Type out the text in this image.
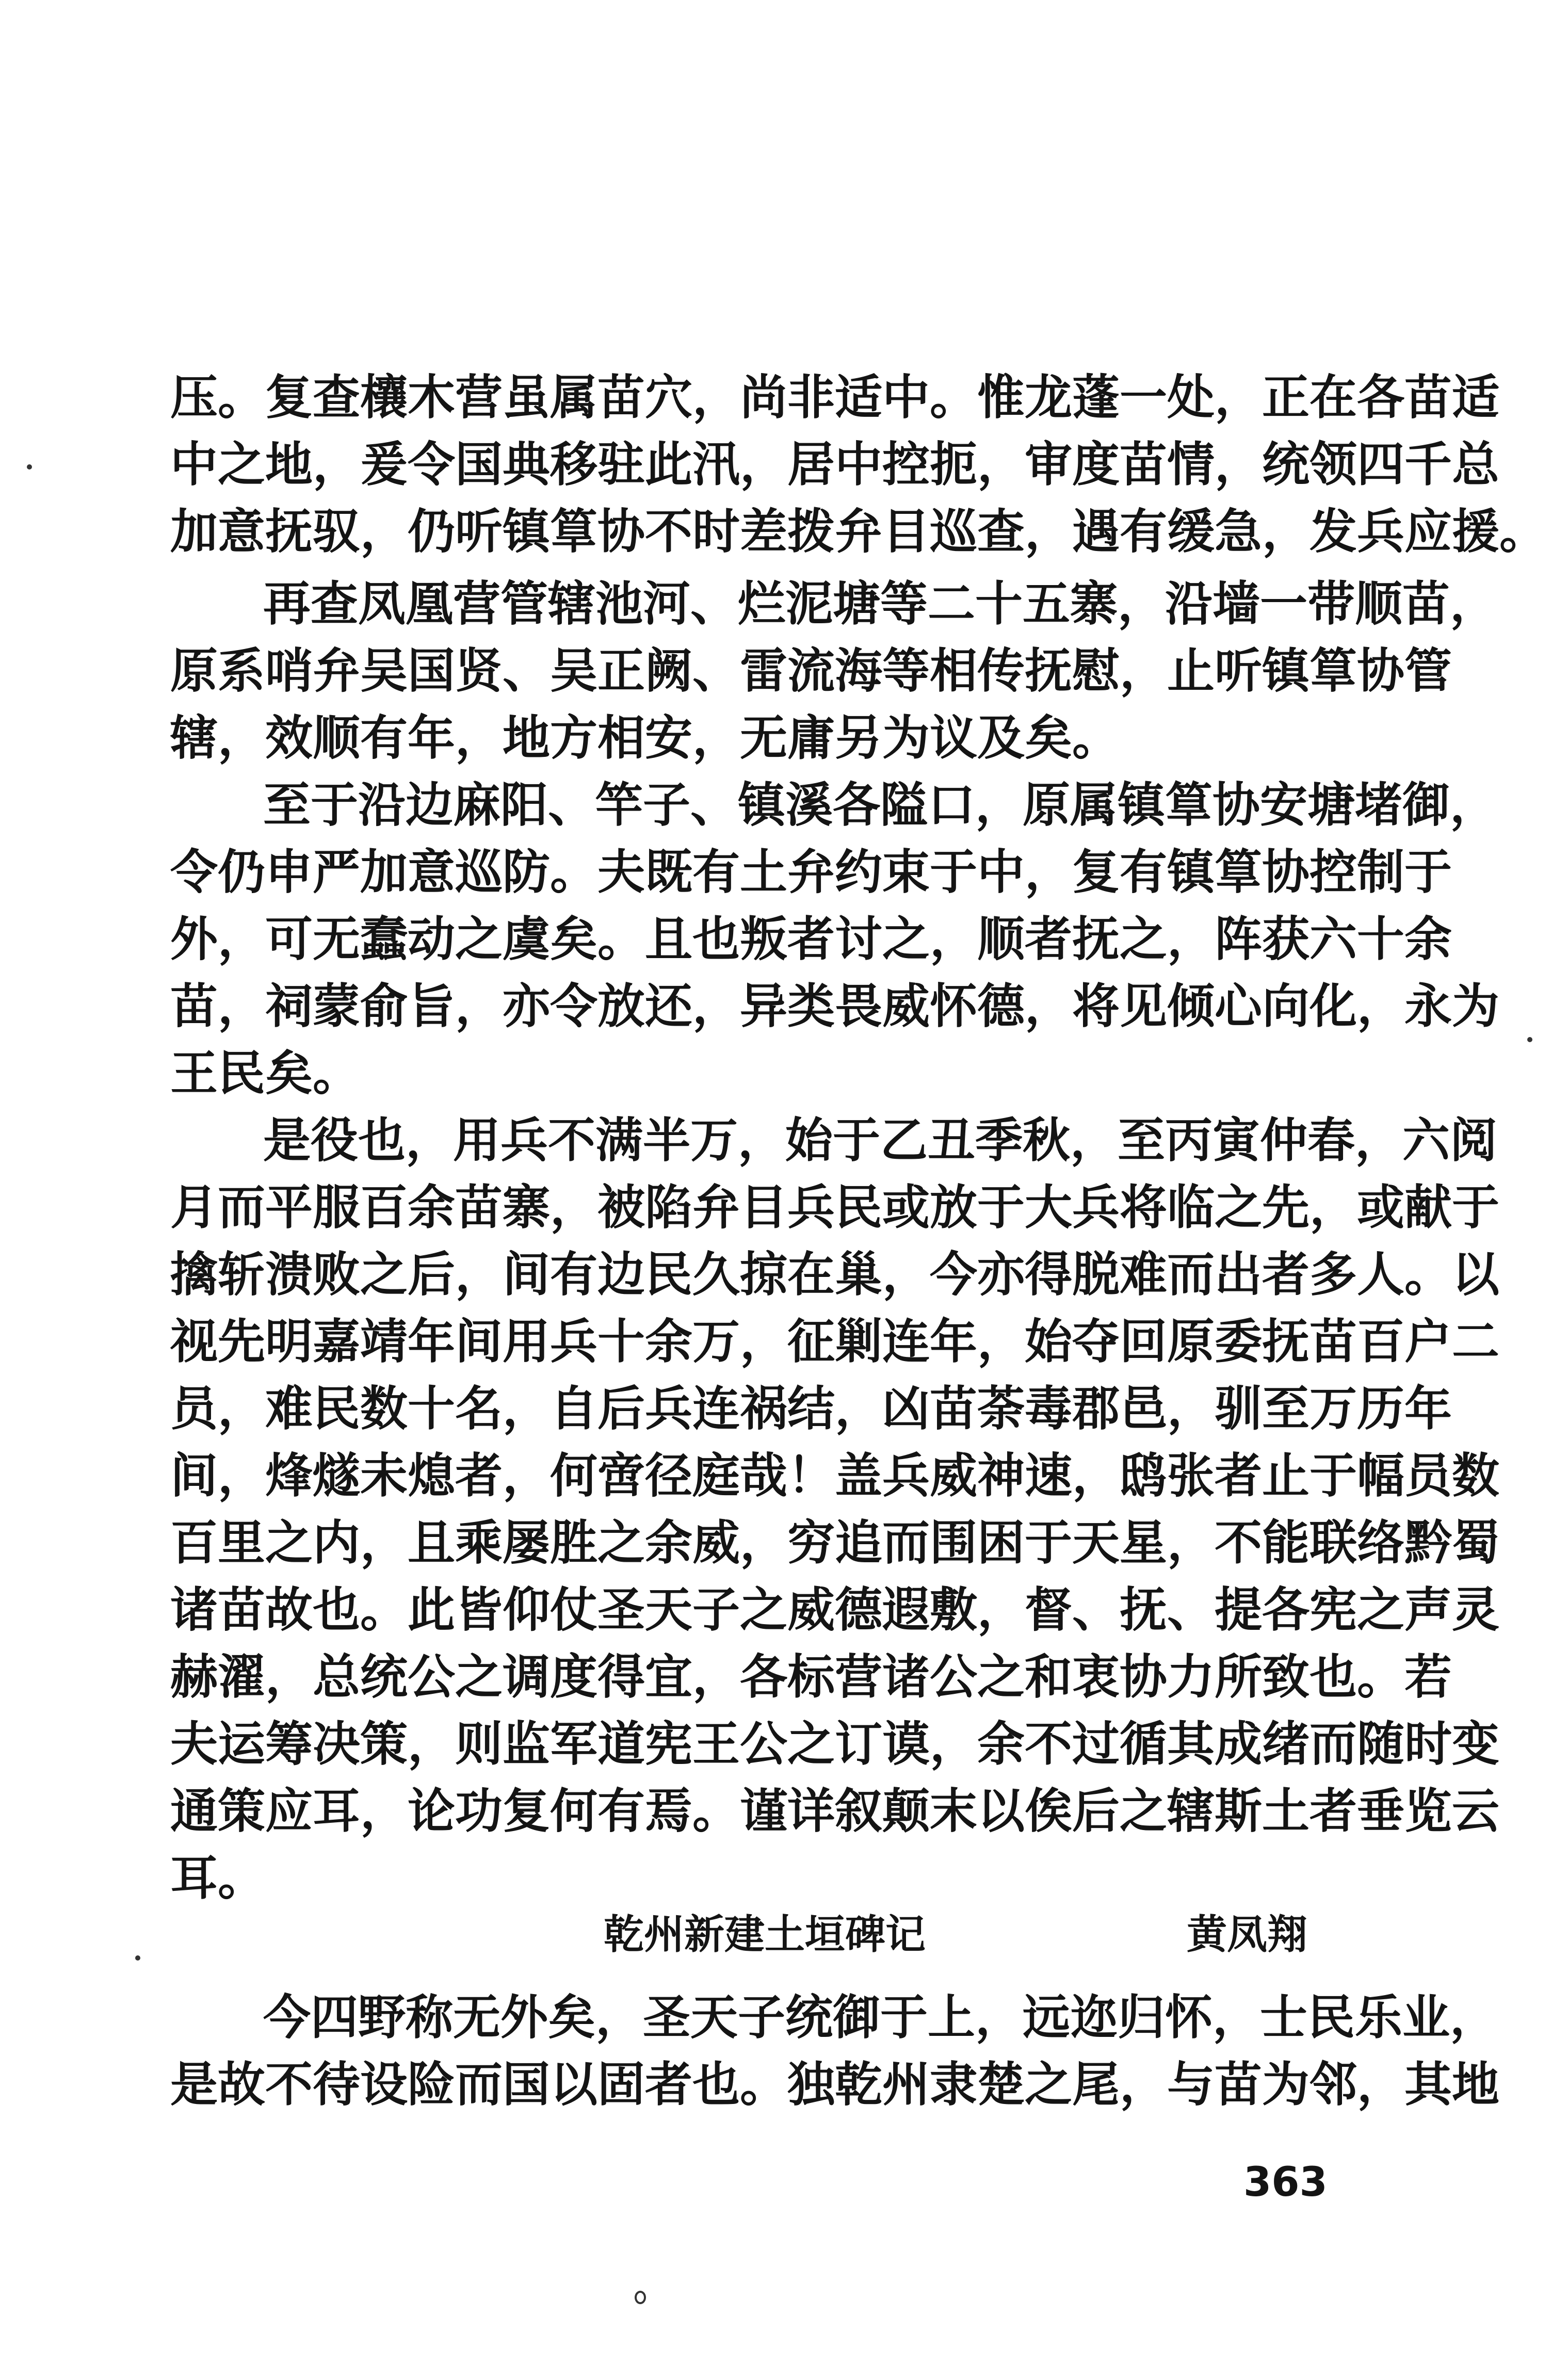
压。复查欀木营虽属苗穴，尚非适中。惟龙蓬一处，正在各苗适
中之地，爰令国典移驻此汛，居中控扼，审度苗情，统领四千总
加意抚驭，仍听镇筸协不时差拨弁目巡查，遇有缓急，发兵应援。
再查凤凰营管辖池河、烂泥塘等二十五寨，沿墙一带顺苗，
原系哨弁吴国贤、吴正阙、雷流海等相传抚慰，止听镇筸协管
辖，效顺有年，地方相安，无庸另为议及矣。
至于沿边麻阳、竿子、镇溪各隘口，原属镇筸协安塘堵御，
令仍申严加意巡防。夫既有土弁约束于中，复有镇筸协控制于
外，可无蠢动之虞矣。且也叛者讨之，顺者抚之，阵获六十余
苗，祠蒙俞旨，亦令放还，异类畏威怀德，将见倾心向化，永为
王民矣。
是役也，用兵不满半万，始于乙丑季秋，至丙寅仲春，六阅
月而平服百余苗寨，被陷弁目兵民或放于大兵将临之先，或献于
擒斩溃败之后，间有边民久掠在巢，今亦得脱难而出者多人。以
视先明嘉靖年间用兵十余万，征剿连年，始夺回原委抚苗百户二
员，难民数十名，自后兵连祸结，凶苗荼毒郡邑，驯至万历年
间，烽燧未熄者，何啻径庭哉！盖兵威神速，鸱张者止于幅员数
百里之内，且乘屡胜之余威，穷追而围困于天星，不能联络黔蜀
诸苗故也。此皆仰仗圣天子之威德遐敷，督、抚、提各宪之声灵
赫濯，总统公之调度得宜，各标营诸公之和衷协力所致也。若
夫运筹决策，则监军道宪王公之订谟，余不过循其成绪而随时变
通策应耳，论功复何有焉。谨详叙颠末以俟后之辖斯土者垂览云
耳。
乾州新建土垣碑记	黄凤翔
今四野称无外矣，圣天子统御于上，远迩归怀，士民乐业，
是故不待设险而国以固者也。独乾州隶楚之尾，与苗为邻，其地
363
